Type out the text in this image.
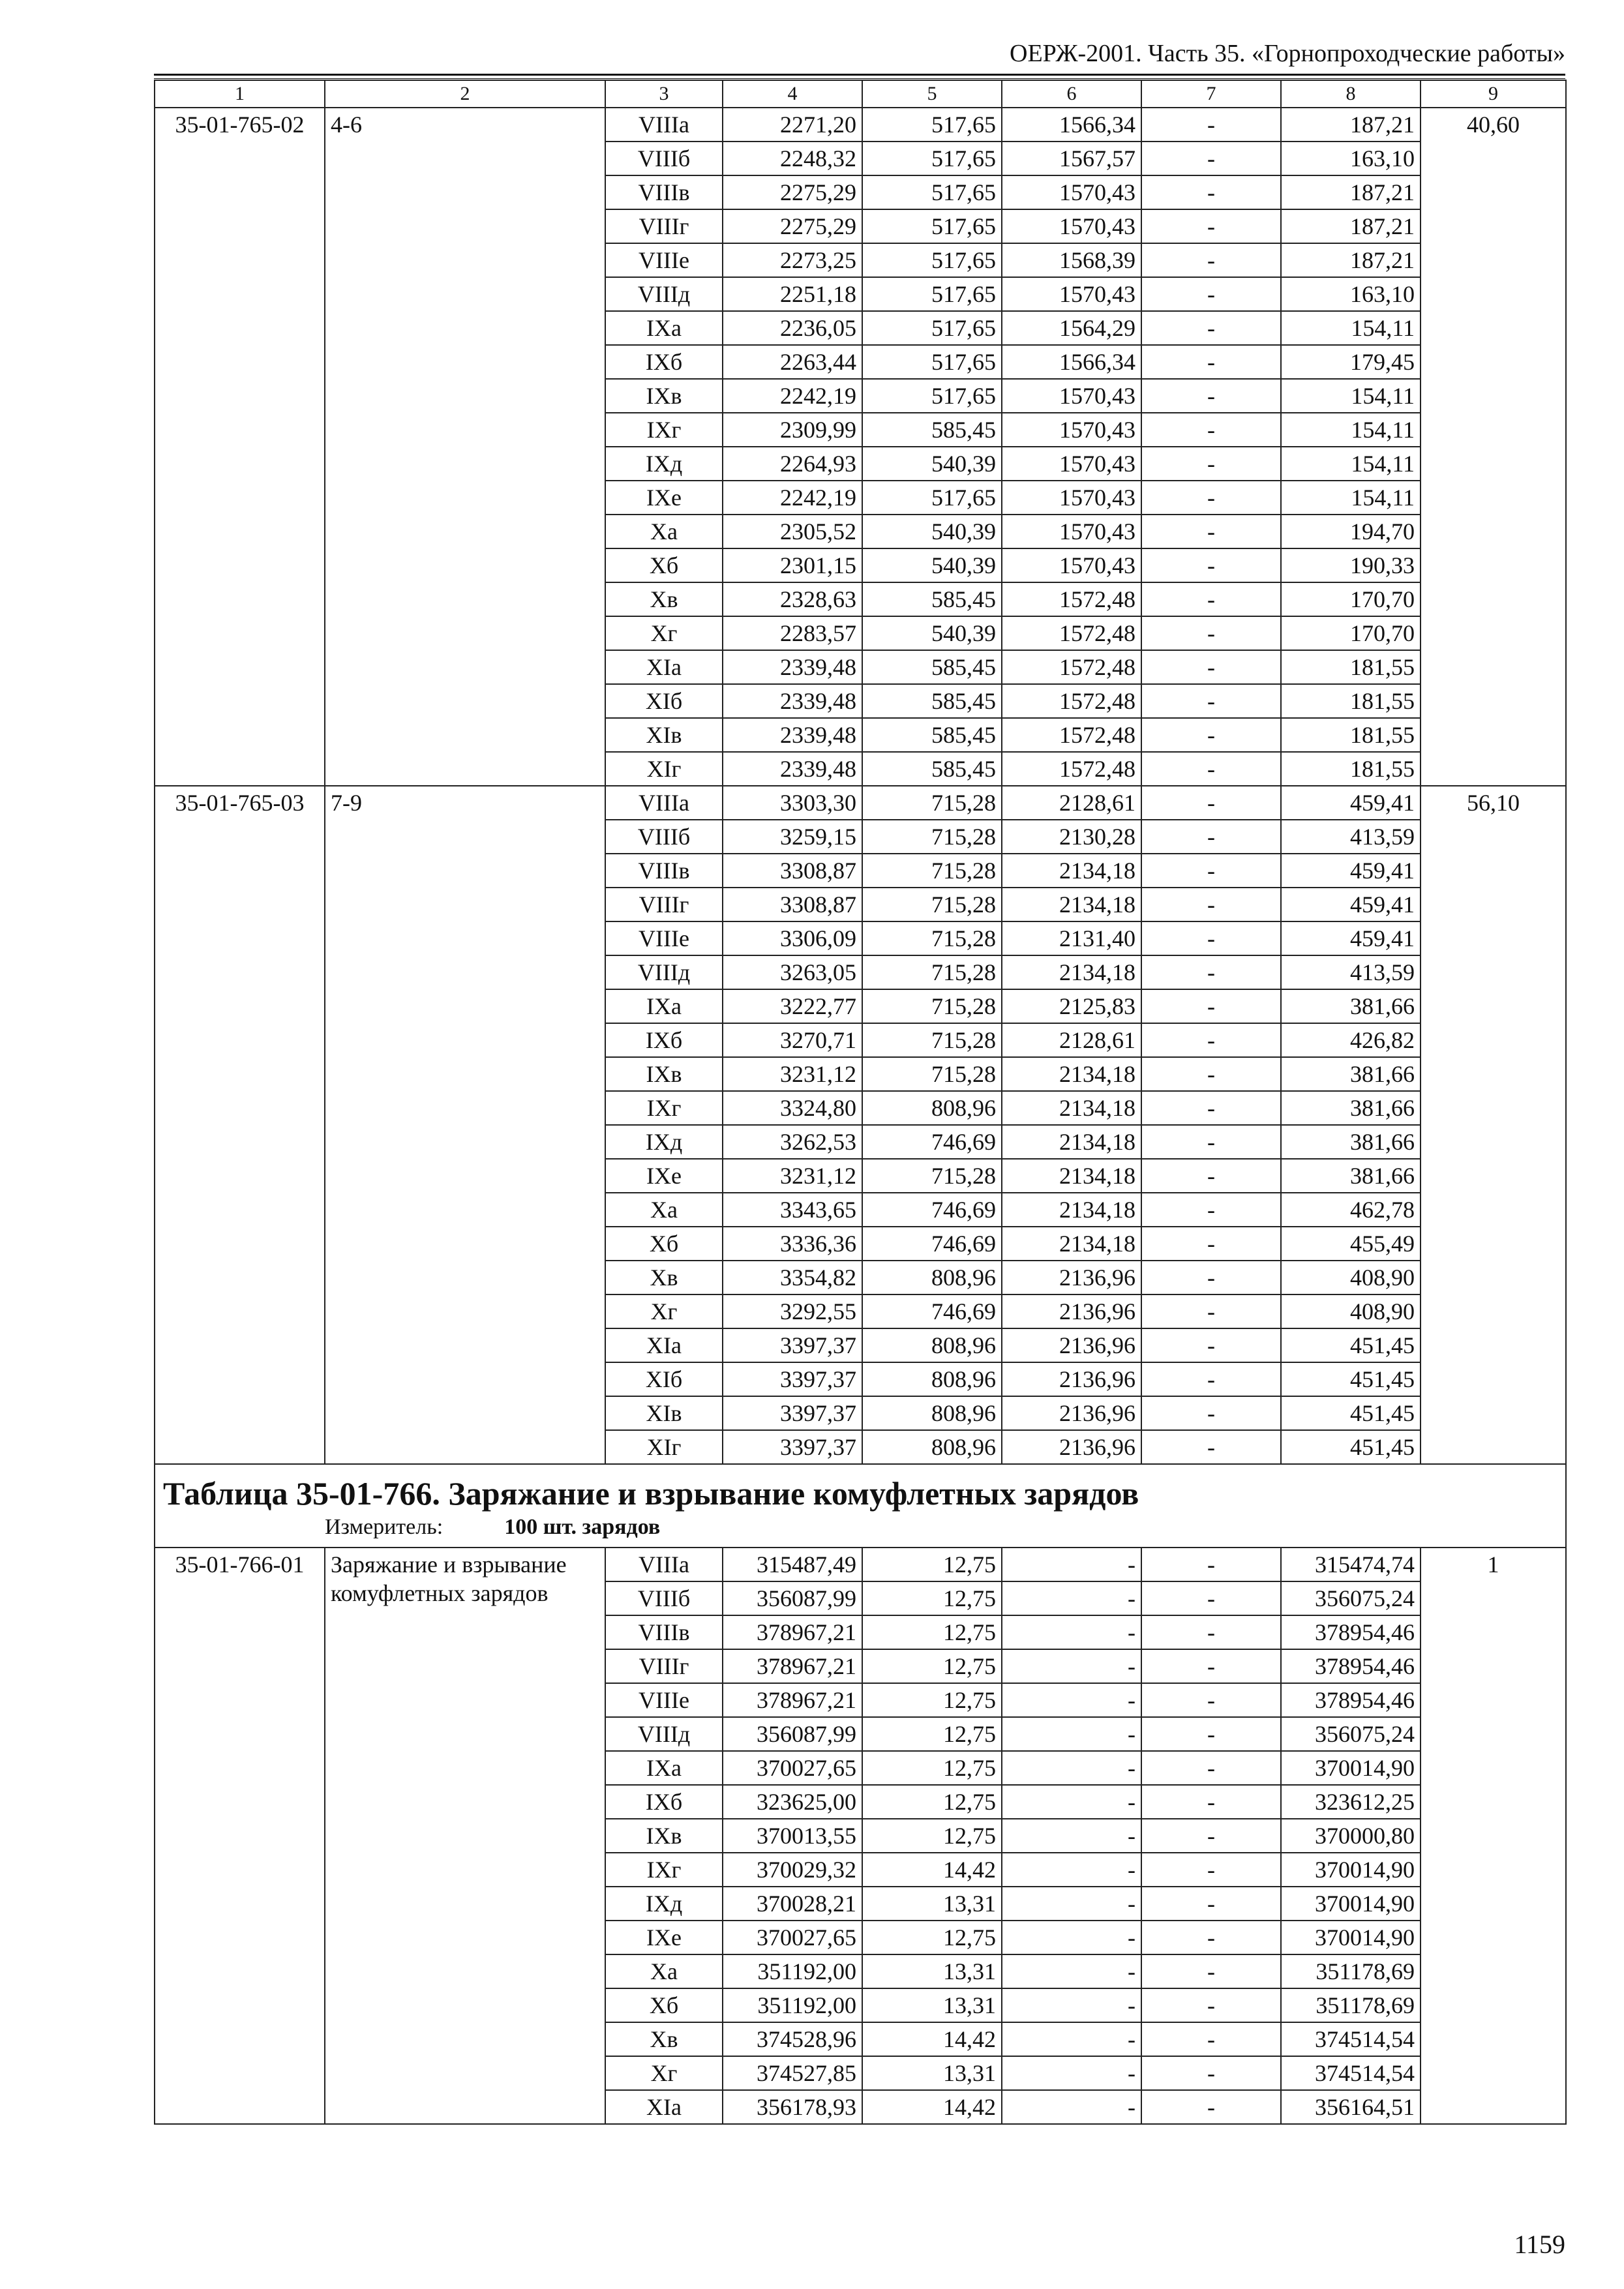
ОЕРЖ-2001. Часть 35. «Горнопроходческие работы»
1	2	3	4	5	6	7	8	9
35-01-765-02	4-6	VIIIа	2271,20	517,65	1566,34	-	187,21	40,60
		VIIIб	2248,32	517,65	1567,57	-	163,10	
		VIIIв	2275,29	517,65	1570,43	-	187,21	
		VIIIг	2275,29	517,65	1570,43	-	187,21	
		VIIIе	2273,25	517,65	1568,39	-	187,21	
		VIIIд	2251,18	517,65	1570,43	-	163,10	
		IXа	2236,05	517,65	1564,29	-	154,11	
		IXб	2263,44	517,65	1566,34	-	179,45	
		IXв	2242,19	517,65	1570,43	-	154,11	
		IXг	2309,99	585,45	1570,43	-	154,11	
		IXд	2264,93	540,39	1570,43	-	154,11	
		IXе	2242,19	517,65	1570,43	-	154,11	
		Xа	2305,52	540,39	1570,43	-	194,70	
		Xб	2301,15	540,39	1570,43	-	190,33	
		Xв	2328,63	585,45	1572,48	-	170,70	
		Xг	2283,57	540,39	1572,48	-	170,70	
		XIа	2339,48	585,45	1572,48	-	181,55	
		XIб	2339,48	585,45	1572,48	-	181,55	
		XIв	2339,48	585,45	1572,48	-	181,55	
		XIг	2339,48	585,45	1572,48	-	181,55	
35-01-765-03	7-9	VIIIа	3303,30	715,28	2128,61	-	459,41	56,10
		VIIIб	3259,15	715,28	2130,28	-	413,59	
		VIIIв	3308,87	715,28	2134,18	-	459,41	
		VIIIг	3308,87	715,28	2134,18	-	459,41	
		VIIIе	3306,09	715,28	2131,40	-	459,41	
		VIIIд	3263,05	715,28	2134,18	-	413,59	
		IXа	3222,77	715,28	2125,83	-	381,66	
		IXб	3270,71	715,28	2128,61	-	426,82	
		IXв	3231,12	715,28	2134,18	-	381,66	
		IXг	3324,80	808,96	2134,18	-	381,66	
		IXд	3262,53	746,69	2134,18	-	381,66	
		IXе	3231,12	715,28	2134,18	-	381,66	
		Xа	3343,65	746,69	2134,18	-	462,78	
		Xб	3336,36	746,69	2134,18	-	455,49	
		Xв	3354,82	808,96	2136,96	-	408,90	
		Xг	3292,55	746,69	2136,96	-	408,90	
		XIа	3397,37	808,96	2136,96	-	451,45	
		XIб	3397,37	808,96	2136,96	-	451,45	
		XIв	3397,37	808,96	2136,96	-	451,45	
		XIг	3397,37	808,96	2136,96	-	451,45	

Таблица 35-01-766. Заряжание и взрывание комуфлетных зарядов
Измеритель: 100 шт. зарядов								

35-01-766-01	Заряжание и взрывание комуфлетных зарядов	VIIIа	315487,49	12,75	-	-	315474,74	1
		VIIIб	356087,99	12,75	-	-	356075,24	
		VIIIв	378967,21	12,75	-	-	378954,46	
		VIIIг	378967,21	12,75	-	-	378954,46	
		VIIIе	378967,21	12,75	-	-	378954,46	
		VIIIд	356087,99	12,75	-	-	356075,24	
		IXа	370027,65	12,75	-	-	370014,90	
		IXб	323625,00	12,75	-	-	323612,25	
		IXв	370013,55	12,75	-	-	370000,80	
		IXг	370029,32	14,42	-	-	370014,90	
		IXд	370028,21	13,31	-	-	370014,90	
		IXе	370027,65	12,75	-	-	370014,90	
		Xа	351192,00	13,31	-	-	351178,69	
		Xб	351192,00	13,31	-	-	351178,69	
		Xв	374528,96	14,42	-	-	374514,54	
		Xг	374527,85	13,31	-	-	374514,54	
		XIа	356178,93	14,42	-	-	356164,51	
1159
